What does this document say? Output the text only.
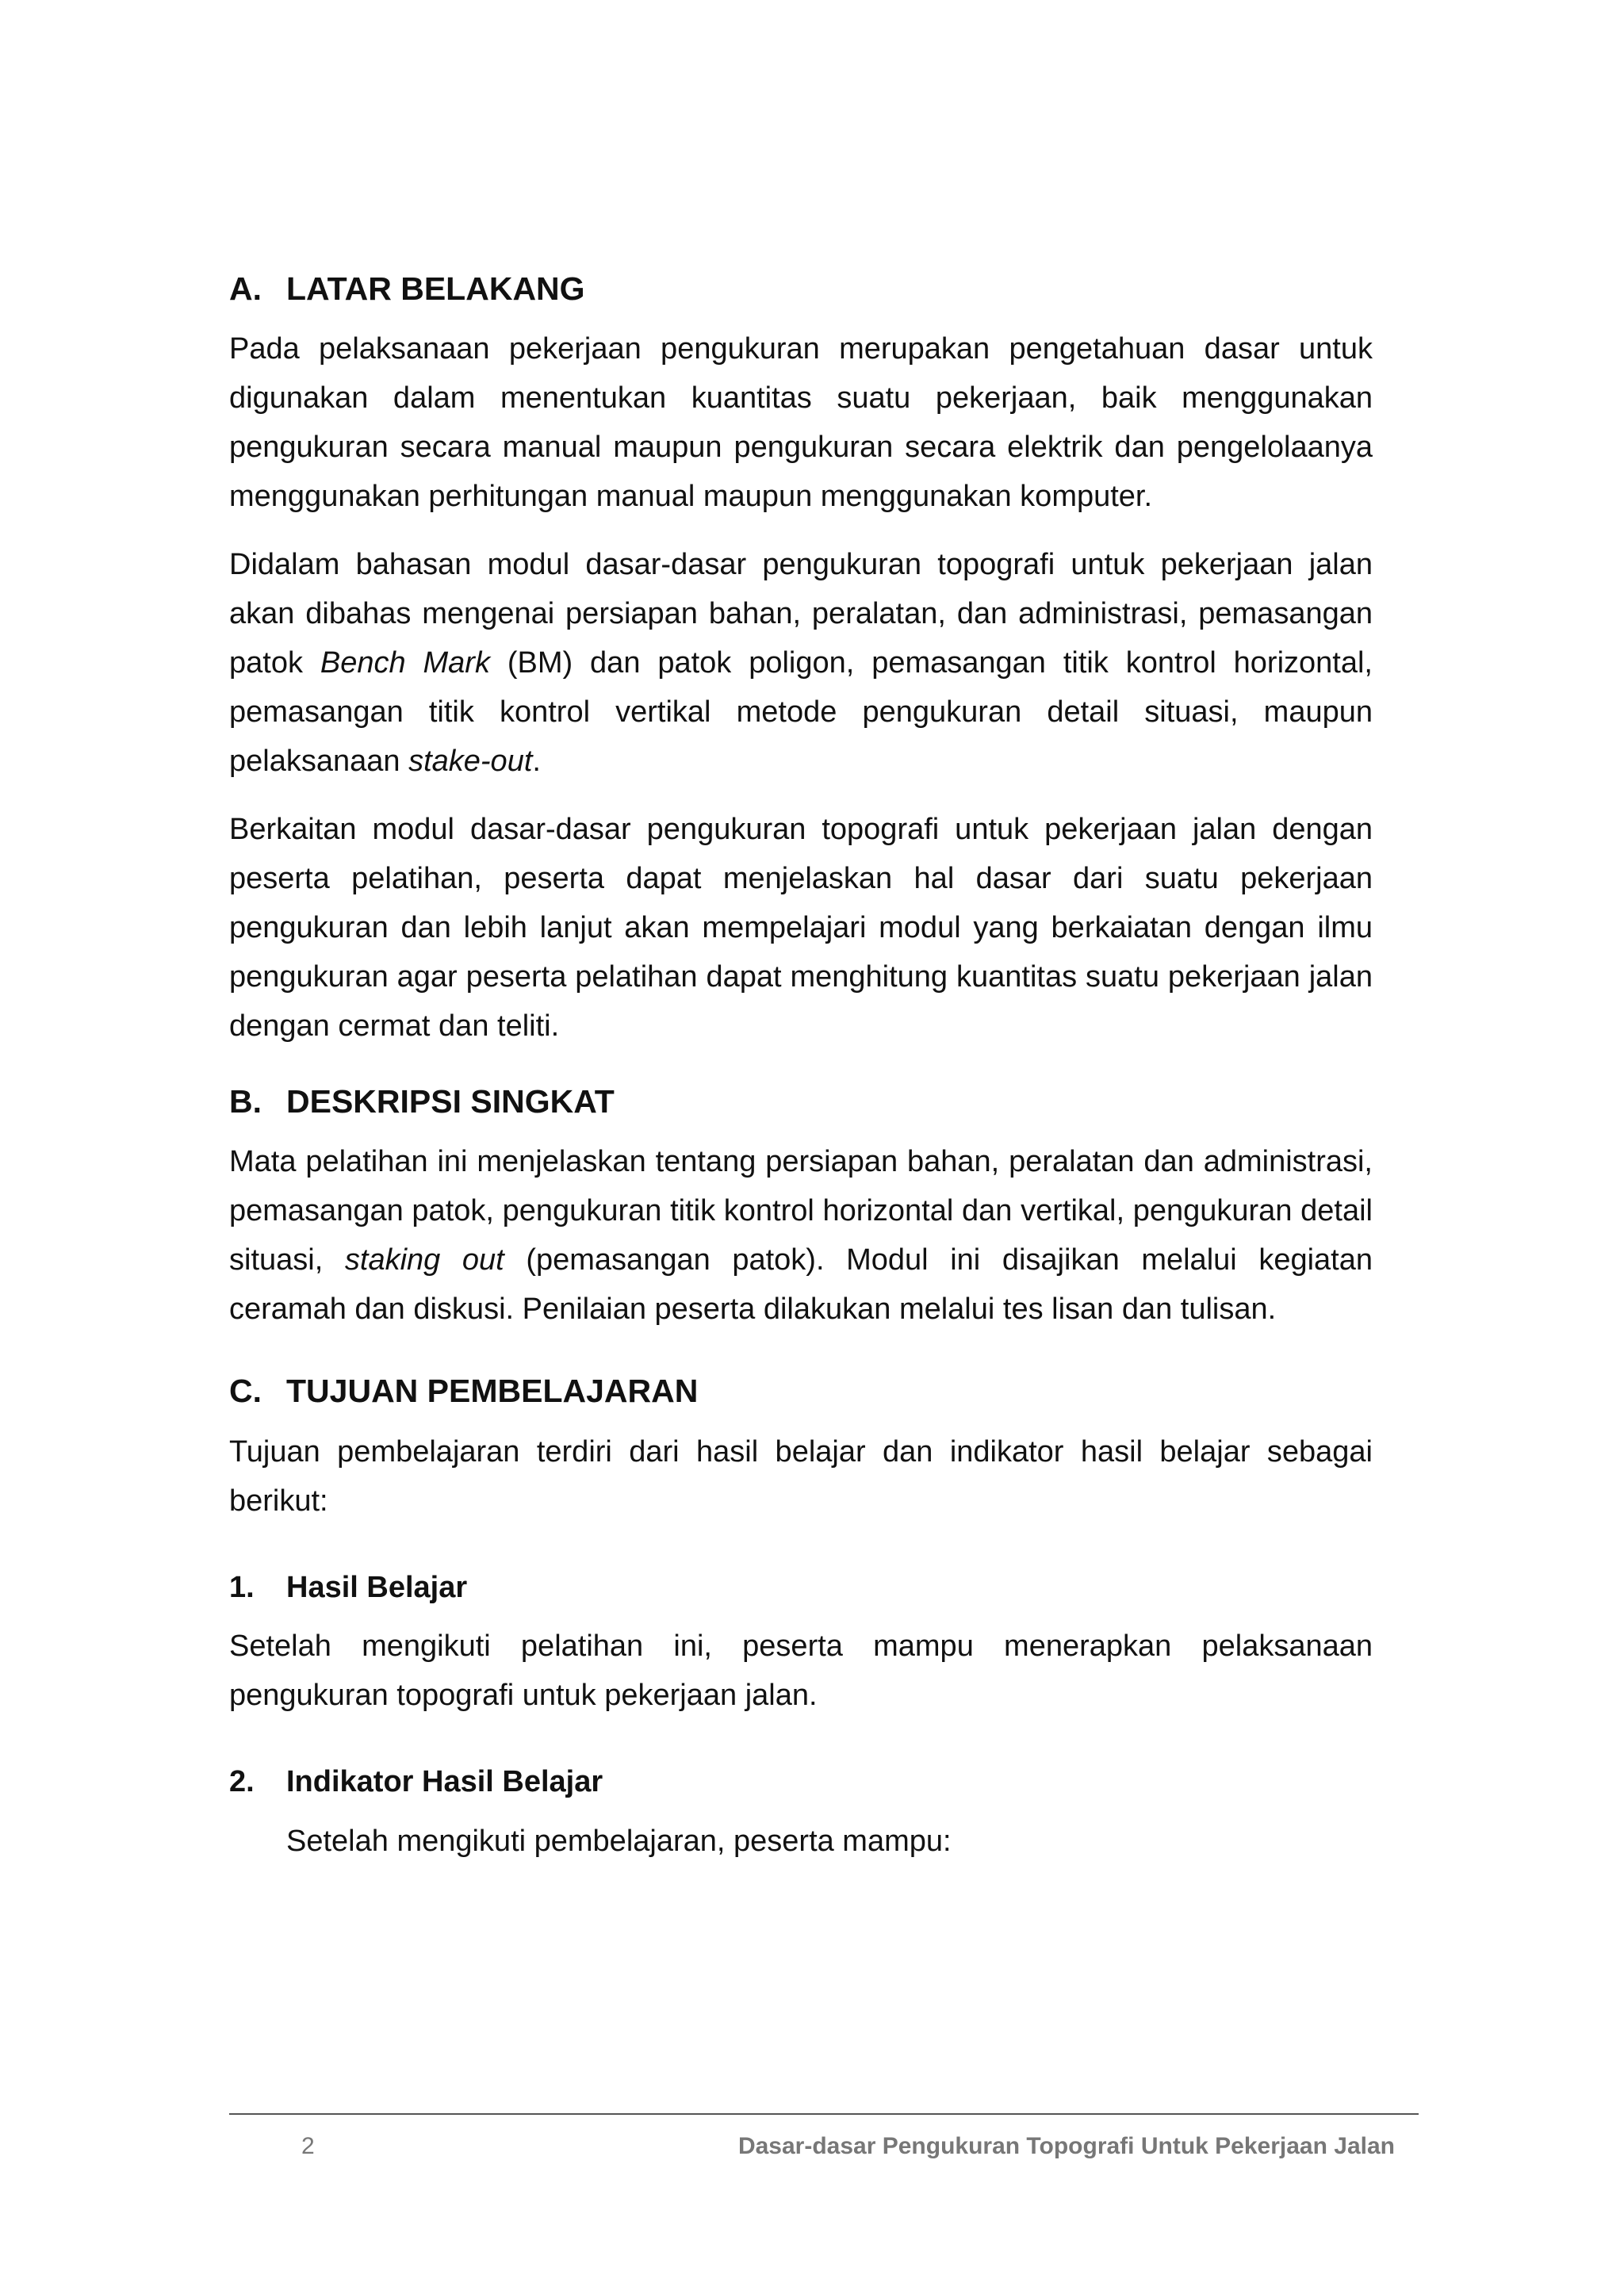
A. LATAR BELAKANG

Pada pelaksanaan pekerjaan pengukuran merupakan pengetahuan dasar untuk digunakan dalam menentukan kuantitas suatu pekerjaan, baik menggunakan pengukuran secara manual maupun pengukuran secara elektrik dan pengelolaanya menggunakan perhitungan manual maupun menggunakan komputer.

Didalam bahasan modul dasar-dasar pengukuran topografi untuk pekerjaan jalan akan dibahas mengenai persiapan bahan, peralatan, dan administrasi, pemasangan patok Bench Mark (BM) dan patok poligon, pemasangan titik kontrol horizontal, pemasangan titik kontrol vertikal metode pengukuran detail situasi, maupun pelaksanaan stake-out.

Berkaitan modul dasar-dasar pengukuran topografi untuk pekerjaan jalan dengan peserta pelatihan, peserta dapat menjelaskan hal dasar dari suatu pekerjaan pengukuran dan lebih lanjut akan mempelajari modul yang berkaiatan dengan ilmu pengukuran agar peserta pelatihan dapat menghitung kuantitas suatu pekerjaan jalan dengan cermat dan teliti.

B. DESKRIPSI SINGKAT

Mata pelatihan ini menjelaskan tentang persiapan bahan, peralatan dan administrasi, pemasangan patok, pengukuran titik kontrol horizontal dan vertikal, pengukuran detail situasi, staking out (pemasangan patok). Modul ini disajikan melalui kegiatan ceramah dan diskusi. Penilaian peserta dilakukan melalui tes lisan dan tulisan.

C. TUJUAN PEMBELAJARAN

Tujuan pembelajaran terdiri dari hasil belajar dan indikator hasil belajar sebagai berikut:

1. Hasil Belajar

Setelah mengikuti pelatihan ini, peserta mampu menerapkan pelaksanaan pengukuran topografi untuk pekerjaan jalan.

2. Indikator Hasil Belajar

Setelah mengikuti pembelajaran, peserta mampu:

2	Dasar-dasar Pengukuran Topografi Untuk Pekerjaan Jalan
